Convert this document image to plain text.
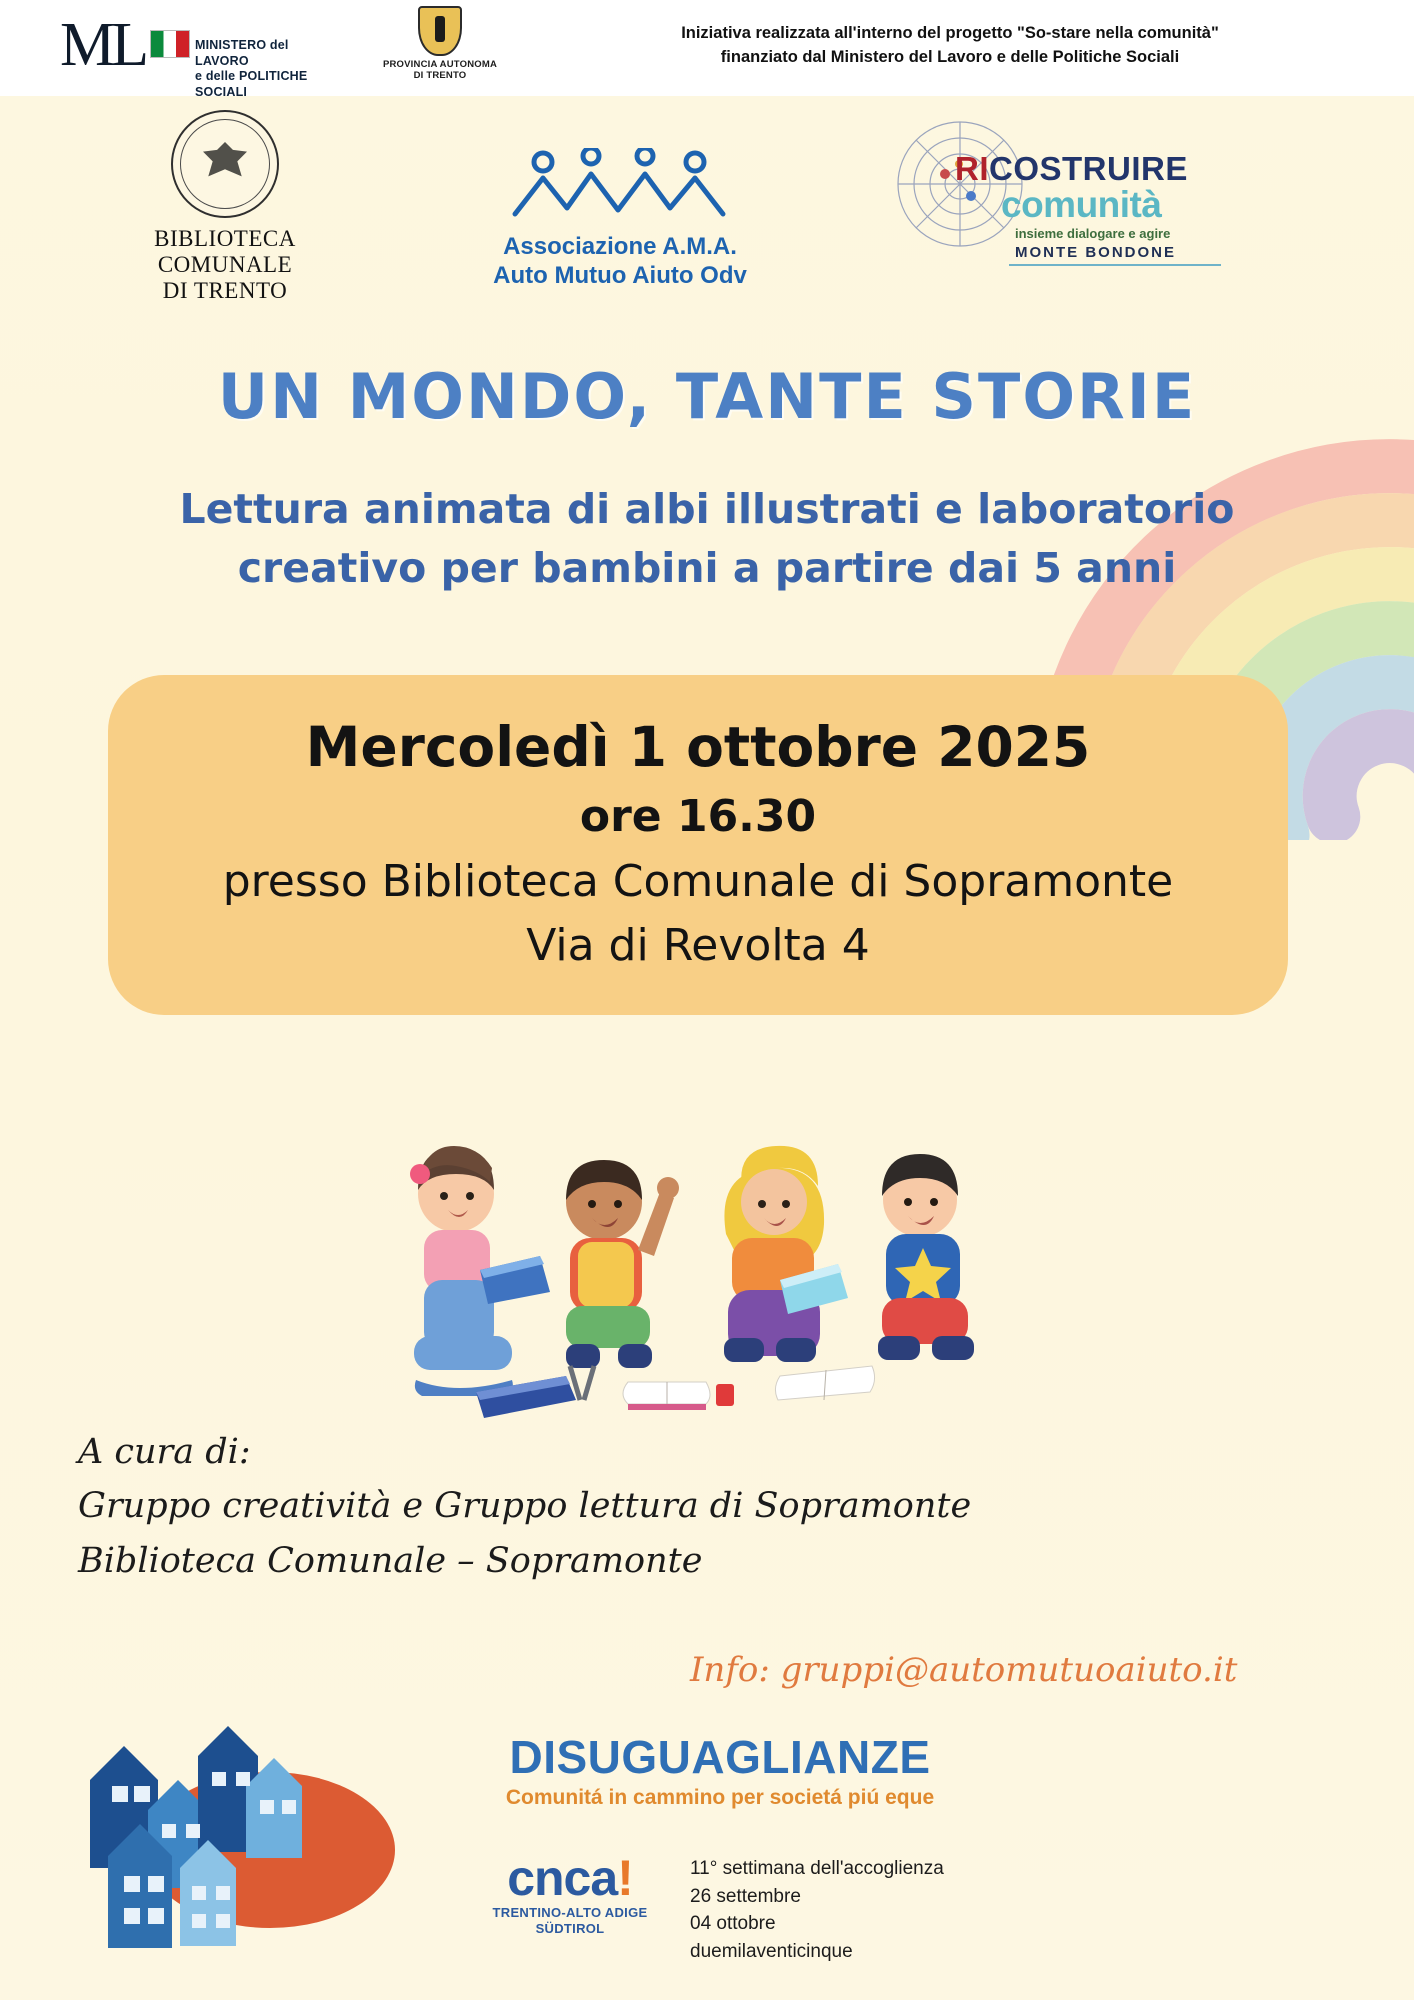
ML	MINISTERO del LAVORO
e delle POLITICHE SOCIALI
PROVINCIA AUTONOMA
DI TRENTO
Iniziativa realizzata all'interno del progetto "So-stare nella comunità"
finanziato dal Ministero del Lavoro e delle Politiche Sociali
BIBLIOTECA
COMUNALE
DI TRENTO
Associazione A.M.A.
Auto Mutuo Aiuto Odv
RICOSTRUIRE
comunità
insieme dialogare e agire
MONTE BONDONE
UN MONDO, TANTE STORIE
Lettura animata di albi illustrati e laboratorio
creativo per bambini a partire dai 5 anni
Mercoledì 1 ottobre 2025
ore 16.30
presso Biblioteca Comunale di Sopramonte
Via di Revolta 4
A cura di:
Gruppo creatività e Gruppo lettura di Sopramonte
Biblioteca Comunale – Sopramonte
Info: gruppi@automutuoaiuto.it
DISUGUAGLIANZE
Comunitá in cammino per societá piú eque
cnca!
TRENTINO-ALTO ADIGE
SÜDTIROL
11° settimana dell'accoglienza
26 settembre
04 ottobre
duemilaventicinque
